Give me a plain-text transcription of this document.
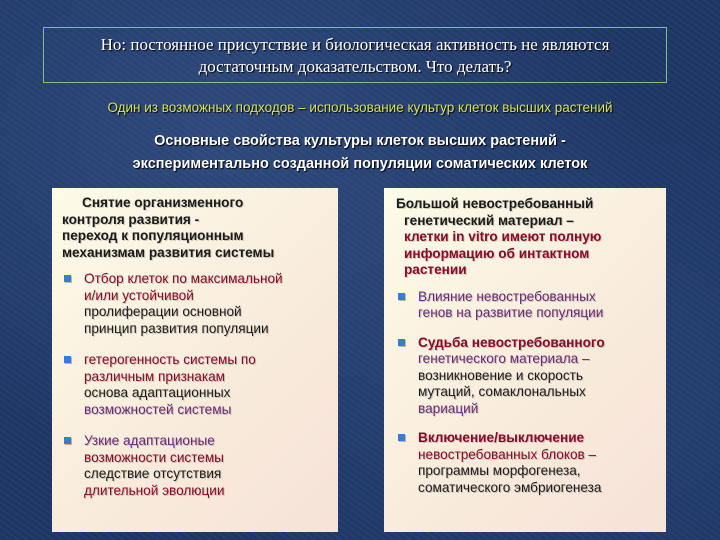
Но: постоянное присутствие и биологическая активность не являются
достаточным доказательством. Что делать?
Один из возможных подходов – использование культур клеток высших растений
Основные свойства культуры клеток высших растений -
экспериментально созданной популяции соматических клеток
Снятие организменного
контроля развития -
переход к популяционным
механизмам развития системы
Отбор клеток по максимальной
и/или устойчивой
пролиферации основной
принцип развития популяции
гетерогенность системы по
различным признакам
основа адаптационных
возможностей системы
Узкие адаптационые
возможности системы
следствие отсутствия
длительной эволюции
Большой невостребованный
генетический материал –
клетки in vitro имеют полную
информацию об интактном
растении
Влияние невостребованных
генов на развитие популяции
Судьба невостребованного
генетического материала –
возникновение и скорость
мутаций, сомаклональных
вариаций
Включение/выключение
невостребованных блоков –
программы морфогенеза,
соматического эмбриогенеза
